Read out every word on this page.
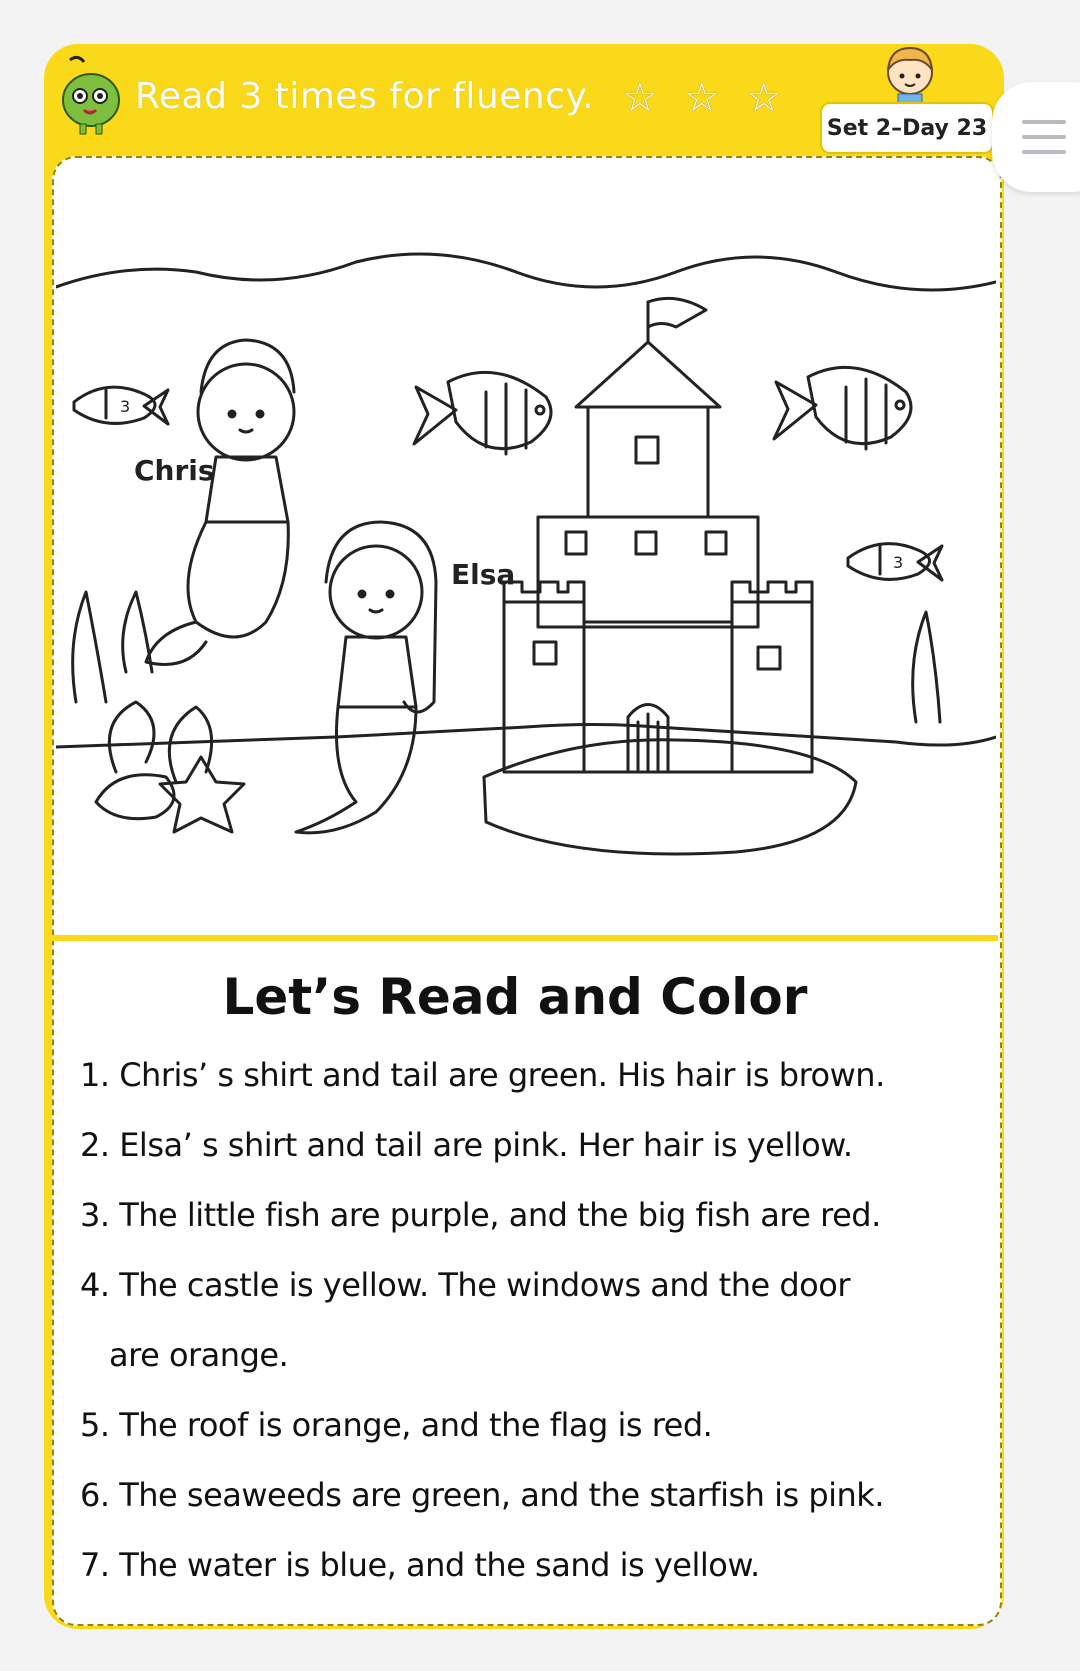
Read 3 times for fluency. ☆ ☆ ☆
Set 2–Day 23
3
3
Chris
Elsa
Let’s Read and Color
1. Chris’ s shirt and tail are green. His hair is brown.
2. Elsa’ s shirt and tail are pink. Her hair is yellow.
3. The little fish are purple, and the big fish are red.
4. The castle is yellow. The windows and the door
are orange.
5. The roof is orange, and the flag is red.
6. The seaweeds are green, and the starfish is pink.
7. The water is blue, and the sand is yellow.
